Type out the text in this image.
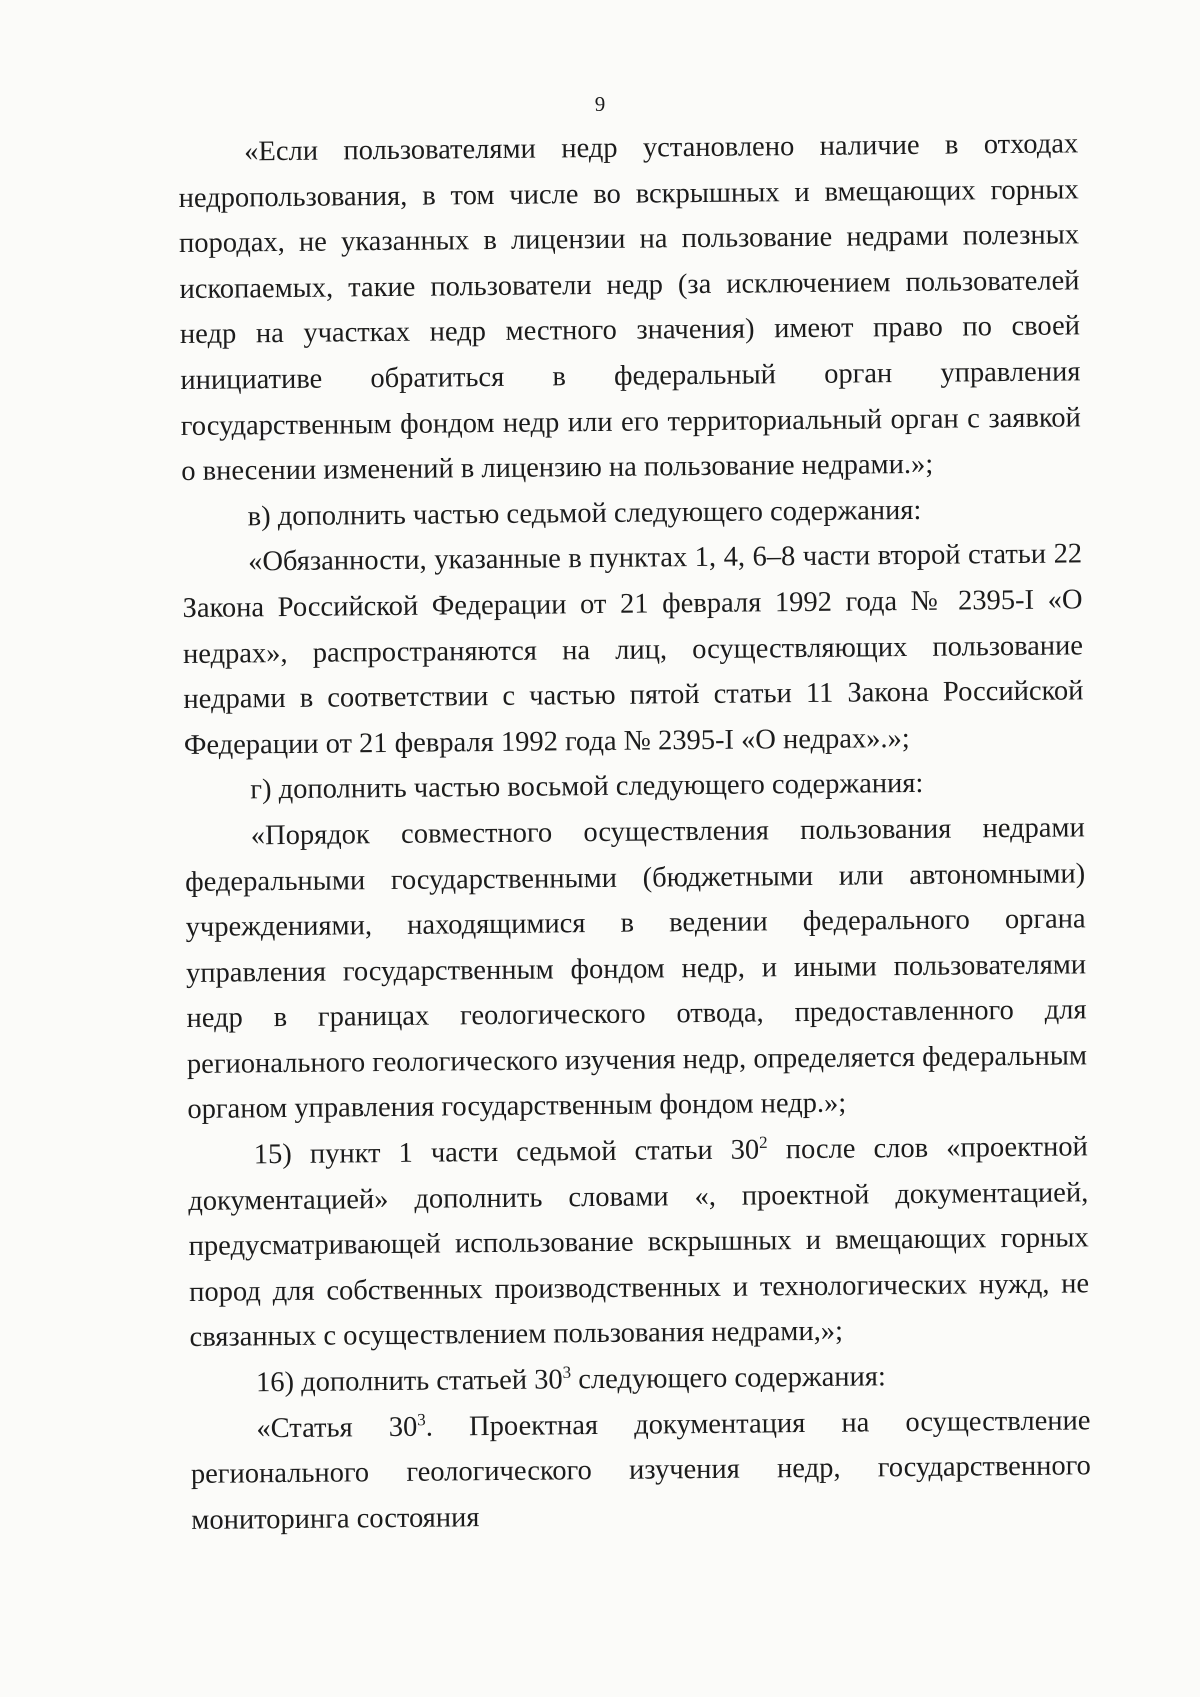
9

«Если пользователями недр установлено наличие в отходах недропользования, в том числе во вскрышных и вмещающих горных породах, не указанных в лицензии на пользование недрами полезных ископаемых, такие пользователи недр (за исключением пользователей недр на участках недр местного значения) имеют право по своей инициативе обратиться в федеральный орган управления государственным фондом недр или его территориальный орган с заявкой о внесении изменений в лицензию на пользование недрами.»;

в) дополнить частью седьмой следующего содержания:

«Обязанности, указанные в пунктах 1, 4, 6–8 части второй статьи 22 Закона Российской Федерации от 21 февраля 1992 года № 2395-I «О недрах», распространяются на лиц, осуществляющих пользование недрами в соответствии с частью пятой статьи 11 Закона Российской Федерации от 21 февраля 1992 года № 2395-I «О недрах».»;

г) дополнить частью восьмой следующего содержания:

«Порядок совместного осуществления пользования недрами федеральными государственными (бюджетными или автономными) учреждениями, находящимися в ведении федерального органа управления государственным фондом недр, и иными пользователями недр в границах геологического отвода, предоставленного для регионального геологического изучения недр, определяется федеральным органом управления государственным фондом недр.»;

15) пункт 1 части седьмой статьи $30^2$ после слов «проектной документацией» дополнить словами «, проектной документацией, предусматривающей использование вскрышных и вмещающих горных пород для собственных производственных и технологических нужд, не связанных с осуществлением пользования недрами,»;

16) дополнить статьей $30^3$ следующего содержания:

«Статья $30^3$. Проектная документация на осуществление регионального геологического изучения недр, государственного мониторинга состояния
